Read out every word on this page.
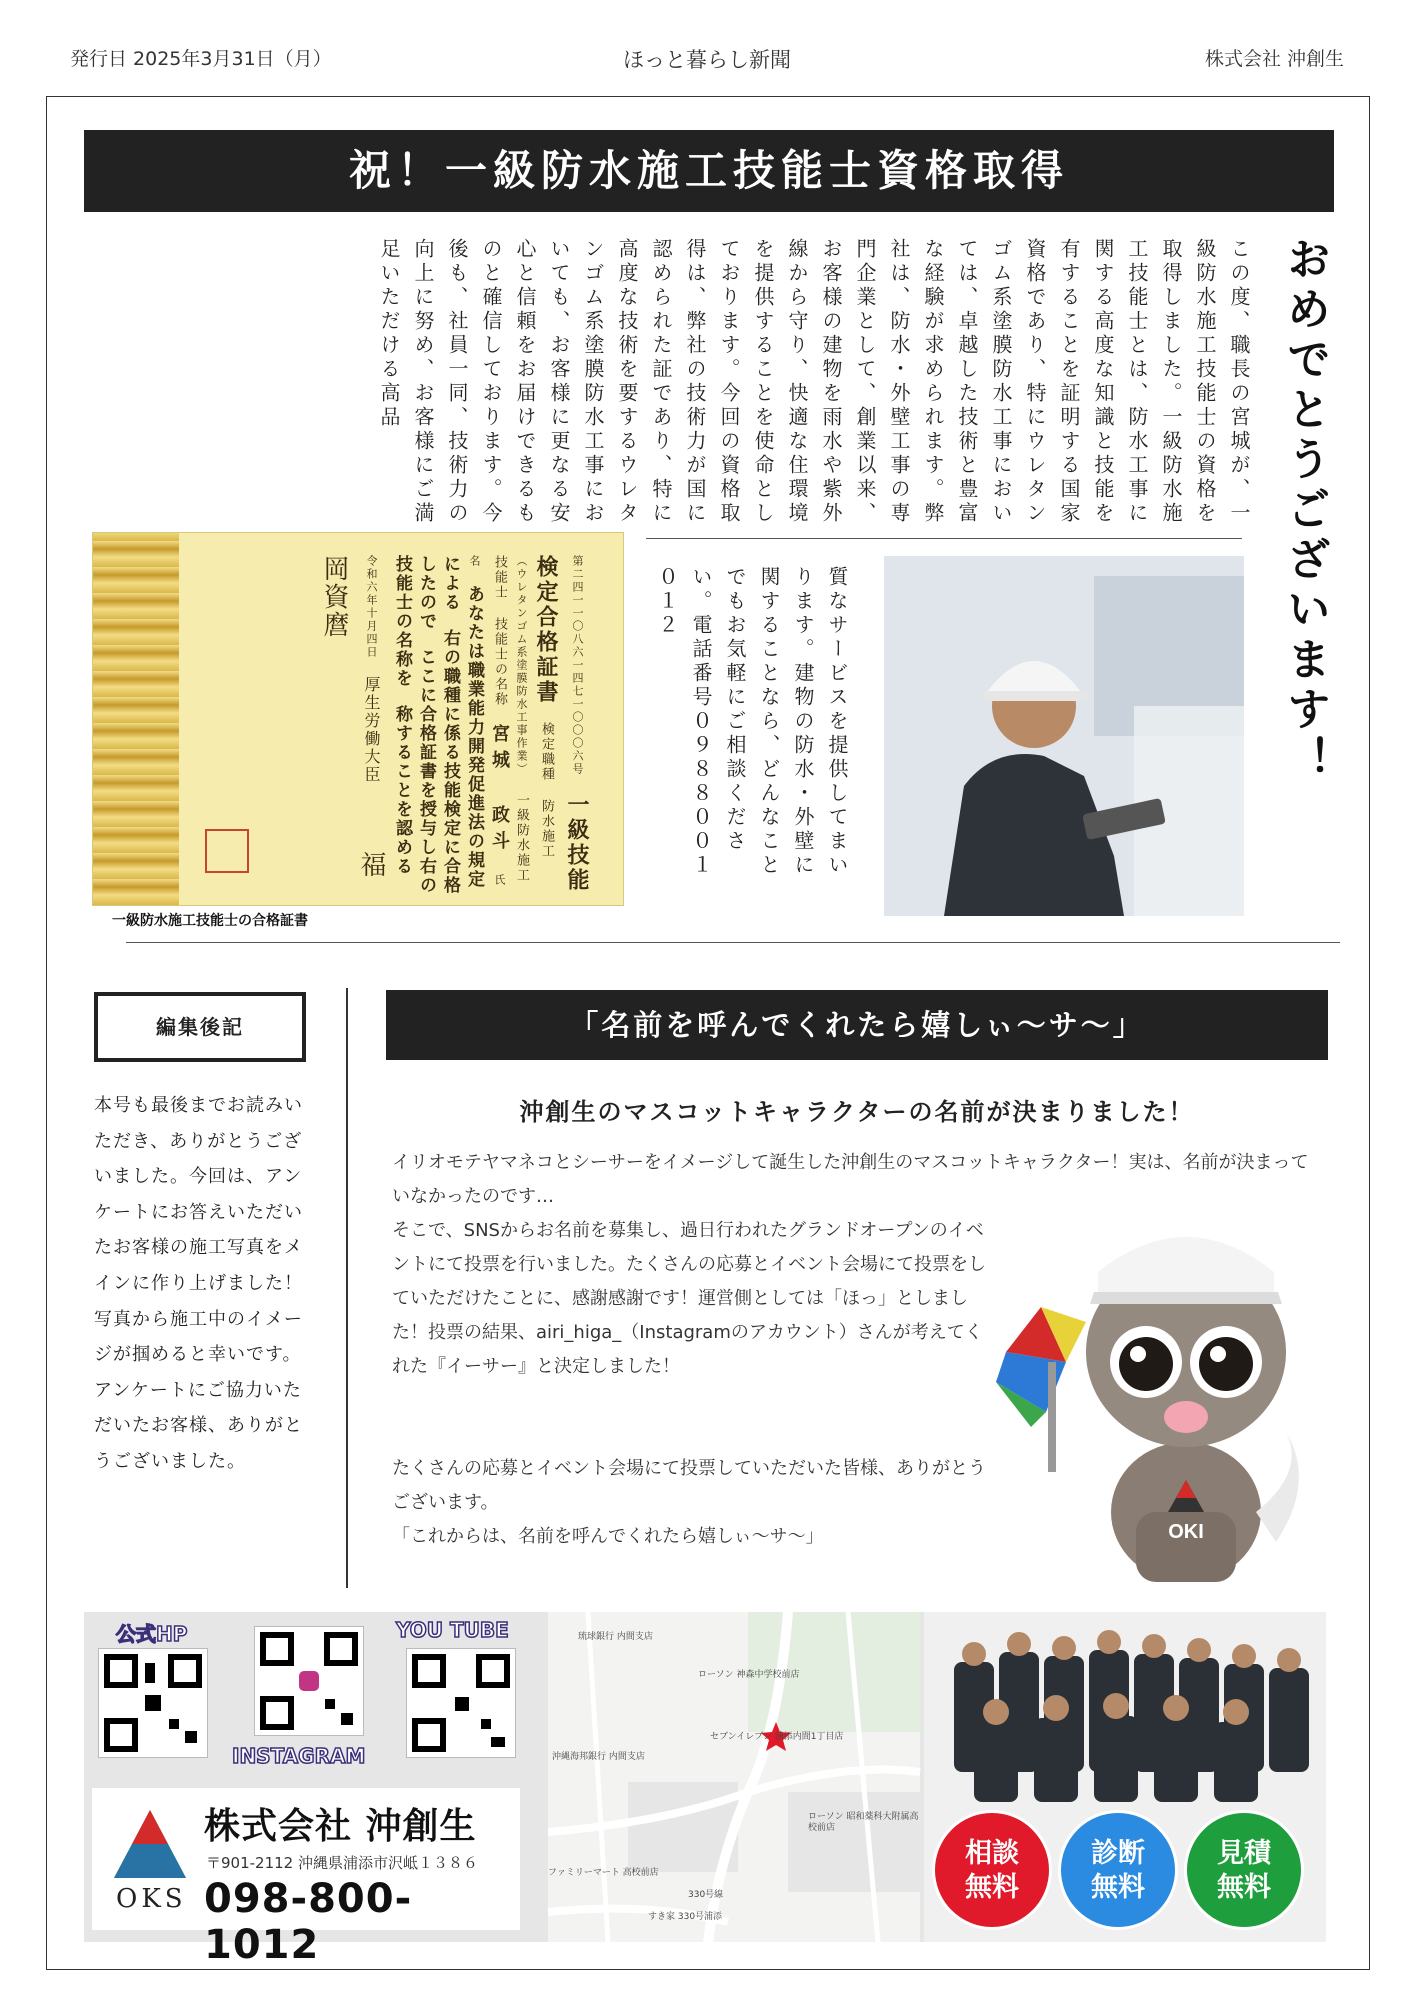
発行日 2025年3月31日（月）	ほっと暮らし新聞	株式会社 沖創生
祝！一級防水施工技能士資格取得
おめでとうございます！
この度、職長の宮城が、一級防水施工技能士の資格を取得しました。一級防水施工技能士とは、防水工事に関する高度な知識と技能を有することを証明する国家資格であり、特にウレタンゴム系塗膜防水工事においては、卓越した技術と豊富な経験が求められます。弊社は、防水・外壁工事の専門企業として、創業以来、お客様の建物を雨水や紫外線から守り、快適な住環境を提供することを使命としております。今回の資格取得は、弊社の技術力が国に認められた証であり、特に高度な技術を要するウレタンゴム系塗膜防水工事においても、お客様に更なる安心と信頼をお届けできるものと確信しております。今後も、社員一同、技術力の向上に努め、お客様にご満足いただける高品
質なサービスを提供してまいります。建物の防水・外壁に関することなら、どんなことでもお気軽にご相談ください。電話番号０９８８００１０１２
第二四一一〇八六一四七一〇〇〇六号 一級技能検定合格証書 検定職種 防水施工 （ウレタンゴム系塗膜防水工事作業） 一級防水施工技能士 技能士の名称 宮城 政斗 氏名 あなたは職業能力開発促進法の規定による 右の職種に係る技能検定に合格したので ここに合格証書を授与し右の技能士の名称を 称することを認める 令和六年十月四日 厚生労働大臣 福岡資麿
一級防水施工技能士の合格証書
編集後記
本号も最後までお読みいただき、ありがとうございました。今回は、アンケートにお答えいただいたお客様の施工写真をメインに作り上げました！写真から施工中のイメージが掴めると幸いです。アンケートにご協力いただいたお客様、ありがとうございました。
「名前を呼んでくれたら嬉しぃ〜サ〜」
沖創生のマスコットキャラクターの名前が決まりました！
イリオモテヤマネコとシーサーをイメージして誕生した沖創生のマスコットキャラクター！実は、名前が決まっていなかったのです…
そこで、SNSからお名前を募集し、過日行われたグランドオープンのイベントにて投票を行いました。たくさんの応募とイベント会場にて投票をしていただけたことに、感謝感謝です！運営側としては「ほっ」としました！投票の結果、airi_higa_（Instagramのアカウント）さんが考えてくれた『イーサー』と決定しました！
たくさんの応募とイベント会場にて投票していただいた皆様、ありがとうございます。
「これからは、名前を呼んでくれたら嬉しぃ〜サ〜」	OKI
公式HP
INSTAGRAM
YOU TUBE
OKS
株式会社 沖創生
〒901-2112 沖縄県浦添市沢岻１３８６
098-800-1012
琉球銀行 内間支店
ローソン 神森中学校前店
セブンイレブン 浦添内間1丁目店
沖縄海邦銀行 内間支店
ローソン 昭和薬科大附属高校前店
ファミリーマート 高校前店
330号線
すき家 330号浦添
相談
無料
診断
無料
見積
無料
